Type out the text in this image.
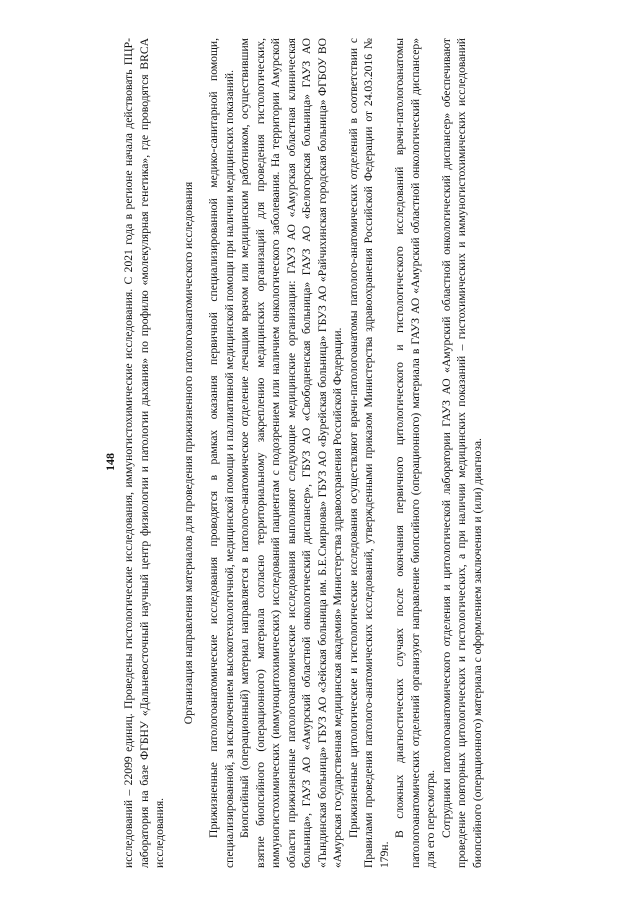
148 исследований – 22099 единиц. Проведены гистологические исследования, иммуногистохимические исследования. С 2021 года в регионе начала действовать ПЦР-лаборатория на базе ФГБНУ «Дальневосточный научный центр физиологии и патологии дыхания» по профилю «молекулярная генетика», где проводятся BRCA исследования.

Организация направления материалов для проведения прижизненного патологоанатомического исследования Прижизненные патологоанатомические исследования проводятся в рамках оказания первичной специализированной медико-санитарной помощи, специализированной, за исключением высокотехнологичной, медицинской помощи и паллиативной медицинской помощи при наличии медицинских показаний. Биопсийный (операционный) материал направляется в патолого-анатомическое отделение лечащим врачом или медицинским работником, осуществившим взятие биопсийного (операционного) материала согласно территориальному закреплению медицинских организаций для проведения гистологических, иммуногистохимических (иммуноцитохимических) исследований пациентам с подозрением или наличием онкологического заболевания. На территории Амурской области прижизненные патологоанатомические исследования выполняют следующие медицинские организации: ГАУЗ АО «Амурская областная клиническая больница», ГАУЗ АО «Амурский областной онкологический диспансер», ГБУЗ АО «Свободненская больница» ГАУЗ АО «Белогорская больница» ГАУЗ АО «Тындинская больница» ГБУЗ АО «Зейская больница им. Б.Е.Смирнова» ГБУЗ АО «Бурейская больница» ГБУЗ АО «Райчихинская городская больница» ФГБОУ ВО «Амурская государственная медицинская академия» Министерства здравоохранения Российской Федерации. Прижизненные цитологические и гистологические исследования осуществляют врачи-патологоанатомы патолого-анатомических отделений в соответствии с Правилами проведения патолого-анатомических исследований, утвержденными приказом Министерства здравоохранения Российской Федерации от 24.03.2016 № 179н.

В сложных диагностических случаях после окончания первичного цитологического и гистологического исследований врачи-патологоанатомы патологоанатомических отделений организуют направление биопсийного (операционного) материала в ГАУЗ АО «Амурский областной онкологический диспансер» для его пересмотра. Сотрудники патологоанатомического отделения и цитологической лаборатории ГАУЗ АО «Амурский областной онкологический диспансер» обеспечивают проведение повторных цитологических и гистологических, а при наличии медицинских показаний – гистохимических и иммуногистохимических исследований биопсийного (операционного) материала с оформлением заключения и (или) диагноза.
